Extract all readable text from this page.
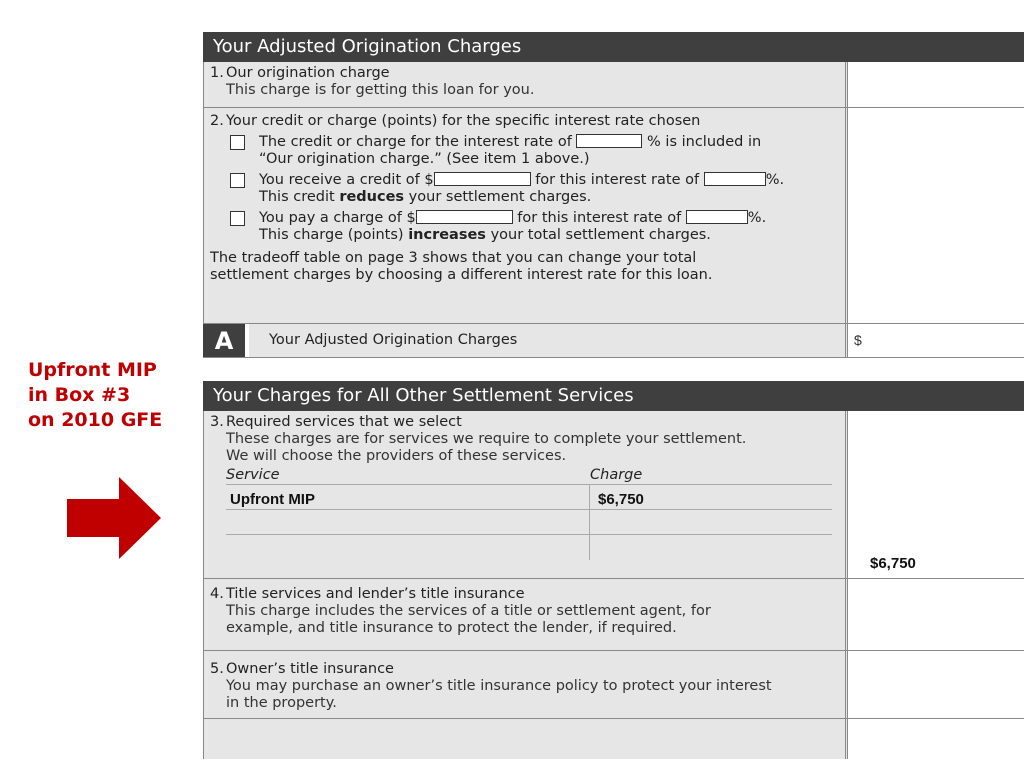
Upfront MIP
in Box #3
on 2010 GFE
Your Adjusted Origination Charges
1. Our origination charge
This charge is for getting this loan for you.
2. Your credit or charge (points) for the specific interest rate chosen
The credit or charge for the interest rate of	% is included in
“Our origination charge.” (See item 1 above.)
You receive a credit of $	for this interest rate of	%.
This credit reduces your settlement charges.
You pay a charge of $	for this interest rate of	%.
This charge (points) increases your total settlement charges.
The tradeoff table on page 3 shows that you can change your total
settlement charges by choosing a different interest rate for this loan.
A	Your Adjusted Origination Charges	$
Your Charges for All Other Settlement Services
3. Required services that we select
These charges are for services we require to complete your settlement.
We will choose the providers of these services.
Service	Charge
Upfront MIP	$6,750
$6,750
4. Title services and lender’s title insurance
This charge includes the services of a title or settlement agent, for
example, and title insurance to protect the lender, if required.
5. Owner’s title insurance
You may purchase an owner’s title insurance policy to protect your interest
in the property.
